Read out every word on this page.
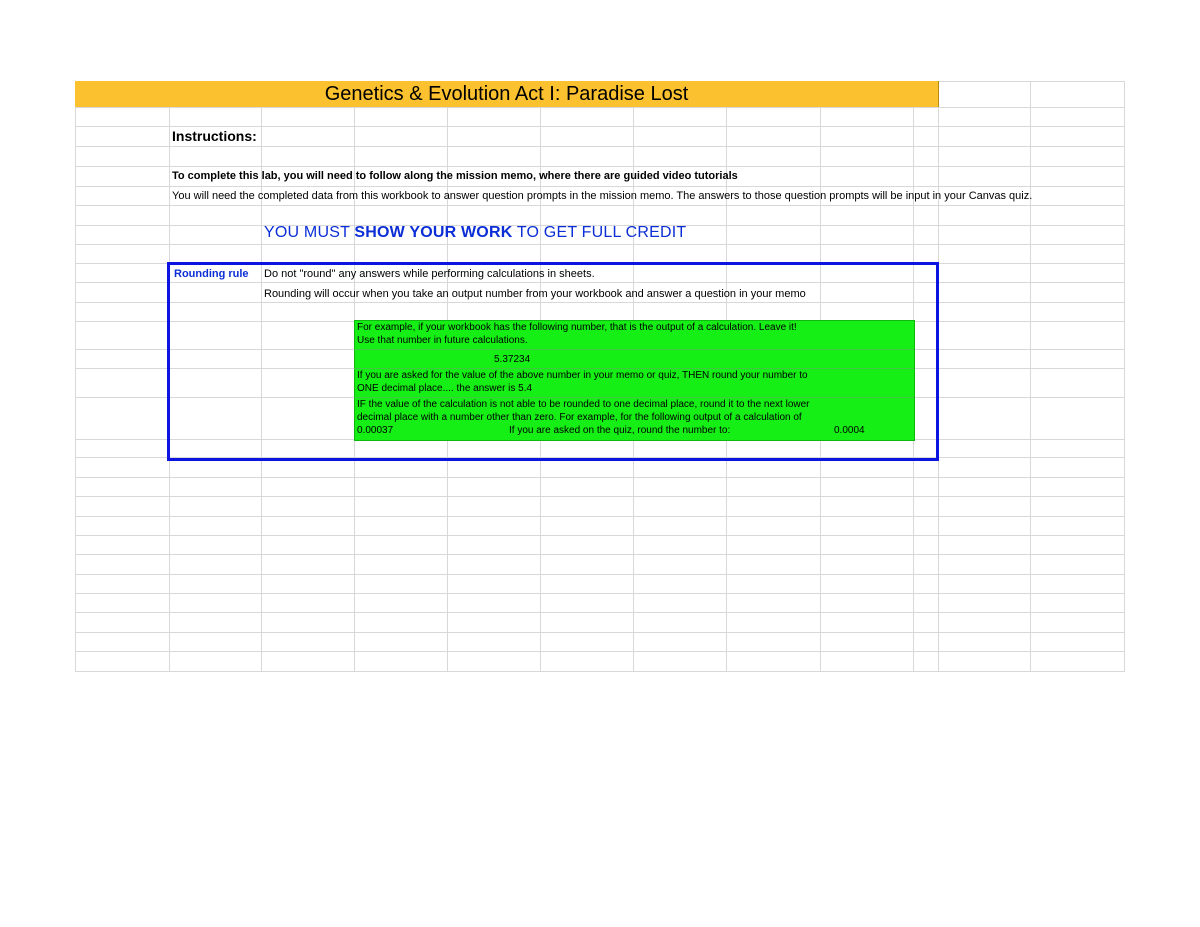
Genetics & Evolution Act I: Paradise Lost
Instructions:
To complete this lab, you will need to follow along the mission memo, where there are guided video tutorials
You will need the completed data from this workbook to answer question prompts in the mission memo. The answers to those question prompts will be input in your Canvas quiz.
YOU MUST SHOW YOUR WORK TO GET FULL CREDIT
For example, if your workbook has the following number, that is the output of a calculation. Leave it!
Use that number in future calculations.
5.37234
If you are asked for the value of the above number in your memo or quiz, THEN round your number to
ONE decimal place.... the answer is 5.4
IF the value of the calculation is not able to be rounded to one decimal place, round it to the next lower
decimal place with a number other than zero. For example, for the following output of a calculation of
0.00037	If you are asked on the quiz, round the number to:	0.0004
Rounding rule Do not "round" any answers while performing calculations in sheets.
Rounding will occur when you take an output number from your workbook and answer a question in your memo
